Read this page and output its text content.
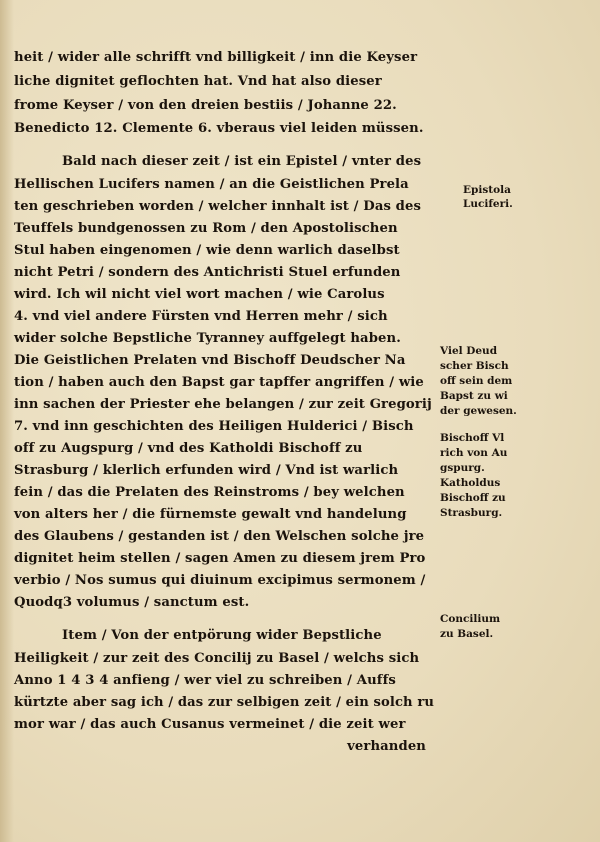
heit / wider alle schrifft vnd billigkeit / inn die Keyser
liche dignitet geflochten hat. Vnd hat also dieser
frome Keyser / von den dreien bestiis / Johanne 22.
Benedicto 12. Clemente 6. vberaus viel leiden müssen.
Bald nach dieser zeit / ist ein Epistel / vnter des
Hellischen Lucifers namen / an die Geistlichen Prela
ten geschrieben worden / welcher innhalt ist / Das des
Teuffels bundgenossen zu Rom / den Apostolischen
Stul haben eingenomen / wie denn warlich daselbst
nicht Petri / sondern des Antichristi Stuel erfunden
wird. Ich wil nicht viel wort machen / wie Carolus
4. vnd viel andere Fürsten vnd Herren mehr / sich
wider solche Bepstliche Tyranney auffgelegt haben.
Die Geistlichen Prelaten vnd Bischoff Deudscher Na
tion / haben auch den Bapst gar tapffer angriffen / wie
inn sachen der Priester ehe belangen / zur zeit Gregorij
7. vnd inn geschichten des Heiligen Hulderici / Bisch
off zu Augspurg / vnd des Katholdi Bischoff zu
Strasburg / klerlich erfunden wird / Vnd ist warlich
fein / das die Prelaten des Reinstroms / bey welchen
von alters her / die fürnemste gewalt vnd handelung
des Glaubens / gestanden ist / den Welschen solche jre
dignitet heim stellen / sagen Amen zu diesem jrem Pro
verbio / Nos sumus qui diuinum excipimus sermonem /
Quodq3 volumus / sanctum est.
Item / Von der entpörung wider Bepstliche
Heiligkeit / zur zeit des Concilij zu Basel / welchs sich
Anno 1 4 3 4 anfieng / wer viel zu schreiben / Auffs
kürtzte aber sag ich / das zur selbigen zeit / ein solch ru
mor war / das auch Cusanus vermeinet / die zeit wer
verhanden
Epistola
Luciferi.
Viel Deud
scher Bisch
off sein dem
Bapst zu wi
der gewesen.
Bischoff Vl
rich von Au
gspurg.
Katholdus
Bischoff zu
Strasburg.
Concilium
zu Basel.
